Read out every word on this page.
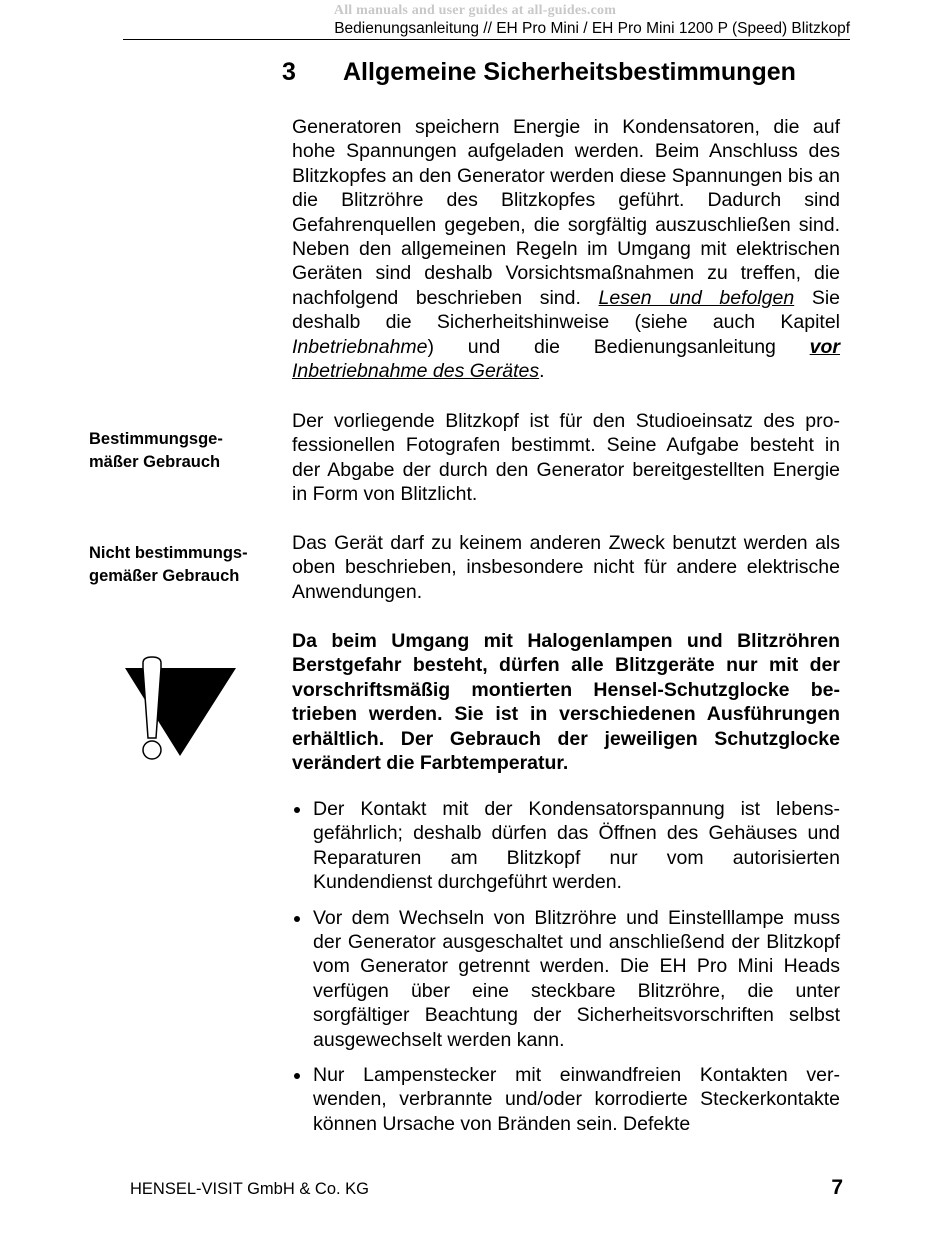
All manuals and user guides at all-guides.com
Bedienungsanleitung // EH Pro Mini / EH Pro Mini 1200 P (Speed) Blitzkopf
3 Allgemeine Sicherheitsbestimmungen
Generatoren speichern Energie in Kondensatoren, die auf hohe Spannungen aufgeladen werden. Beim Anschluss des Blitzkopfes an den Generator werden diese Spannungen bis an die Blitzröhre des Blitzkopfes geführt. Dadurch sind Gefahrenquellen gegeben, die sorgfältig auszuschließen sind. Neben den allgemeinen Regeln im Umgang mit elektrischen Geräten sind deshalb Vorsichtsmaßnahmen zu treffen, die nachfolgend beschrieben sind. Lesen und befolgen Sie deshalb die Sicherheitshinweise (siehe auch Kapitel Inbetriebnahme) und die Bedienungsanleitung vor Inbetriebnahme des Gerätes.
Bestimmungsge-
mäßer Gebrauch
Der vorliegende Blitzkopf ist für den Studioeinsatz des professionellen Fotografen bestimmt. Seine Aufgabe besteht in der Abgabe der durch den Generator bereitgestellten Energie in Form von Blitzlicht.
Nicht bestimmungs-
gemäßer Gebrauch
Das Gerät darf zu keinem anderen Zweck benutzt werden als oben beschrieben, insbesondere nicht für andere elektrische Anwendungen.
Da beim Umgang mit Halogenlampen und Blitzröhren Berstgefahr besteht, dürfen alle Blitzgeräte nur mit der vorschriftsmäßig montierten Hensel-Schutzglocke betrieben werden. Sie ist in verschiedenen Ausführungen erhältlich. Der Gebrauch der jeweiligen Schutzglocke verändert die Farbtemperatur.
Der Kontakt mit der Kondensatorspannung ist lebensgefährlich; deshalb dürfen das Öffnen des Gehäuses und Reparaturen am Blitzkopf nur vom autorisierten Kundendienst durchgeführt werden.
Vor dem Wechseln von Blitzröhre und Einstelllampe muss der Generator ausgeschaltet und anschließend der Blitzkopf vom Generator getrennt werden. Die EH Pro Mini Heads verfügen über eine steckbare Blitzröhre, die unter sorgfältiger Beachtung der Sicherheitsvorschriften selbst ausgewechselt werden kann.
Nur Lampenstecker mit einwandfreien Kontakten verwenden, verbrannte und/oder korrodierte Steckerkontakte können Ursache von Bränden sein. Defekte
HENSEL-VISIT GmbH & Co. KG	7
